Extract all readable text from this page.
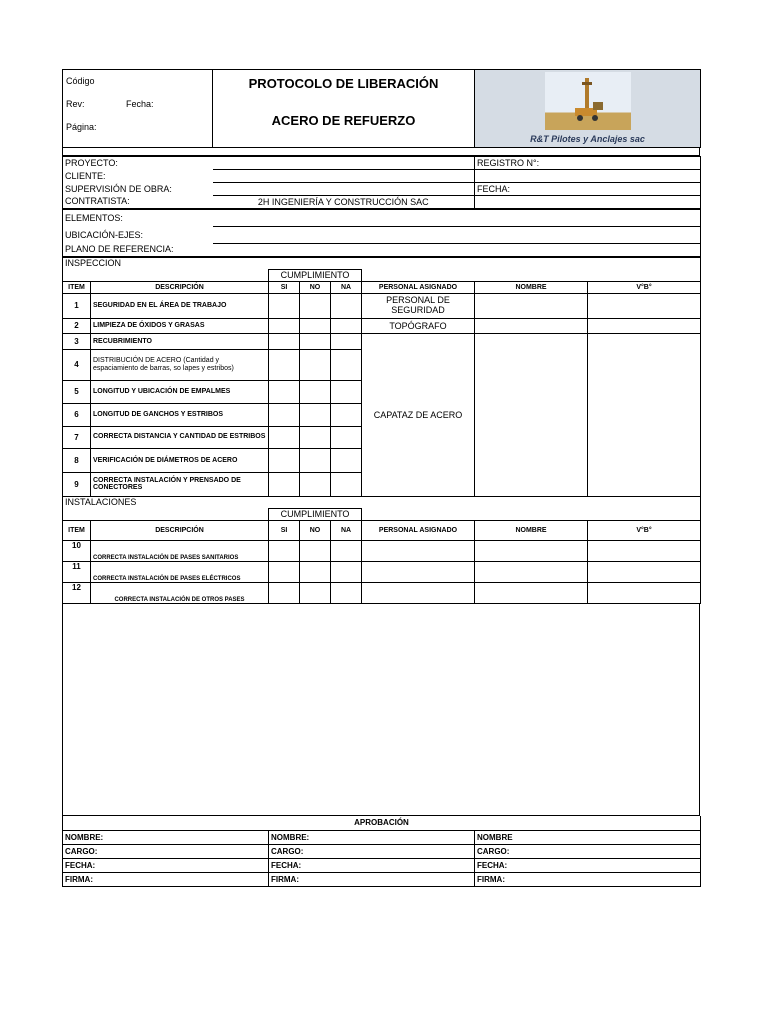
Código
Rev:	Fecha:
Página:

PROTOCOLO DE LIBERACIÓN
ACERO DE REFUERZO

R&T Pilotes y Anclajes sac
PROYECTO:		REGISTRO N°:
CLIENTE:		
SUPERVISIÓN DE OBRA:		FECHA:
CONTRATISTA:	2H INGENIERÍA Y CONSTRUCCIÓN SAC	
ELEMENTOS:	
UBICACIÓN-EJES:	
PLANO DE REFERENCIA:	
INSPECCION							
		CUMPLIMIENTO					
ITEM	DESCRIPCIÓN	SI	NO	NA	PERSONAL ASIGNADO	NOMBRE	V°B°
1	SEGURIDAD EN EL ÁREA DE TRABAJO				PERSONAL DE SEGURIDAD		
2	LIMPIEZA DE ÓXIDOS Y GRASAS				TOPÓGRAFO		
3	RECUBRIMIENTO				CAPATAZ DE ACERO		
4	DISTRIBUCIÓN DE ACERO (Cantidad y espaciamiento de barras, so lapes y estribos)						
5	LONGITUD Y UBICACIÓN DE EMPALMES						
6	LONGITUD DE GANCHOS Y ESTRIBOS						
7	CORRECTA DISTANCIA Y CANTIDAD DE ESTRIBOS						
8	VERIFICACIÓN DE DIÁMETROS DE ACERO						
9	CORRECTA INSTALACIÓN Y PRENSADO DE CONECTORES						
INSTALACIONES							
		CUMPLIMIENTO					
ITEM	DESCRIPCIÓN	SI	NO	NA	PERSONAL ASIGNADO	NOMBRE	V°B°
10	CORRECTA INSTALACIÓN DE PASES SANITARIOS						
11	CORRECTA INSTALACIÓN DE PASES ELÉCTRICOS						
12	CORRECTA INSTALACIÓN DE OTROS PASES						
APROBACIÓN		
NOMBRE:	NOMBRE:	NOMBRE
CARGO:	CARGO:	CARGO:
FECHA:	FECHA:	FECHA:
FIRMA:	FIRMA:	FIRMA:
